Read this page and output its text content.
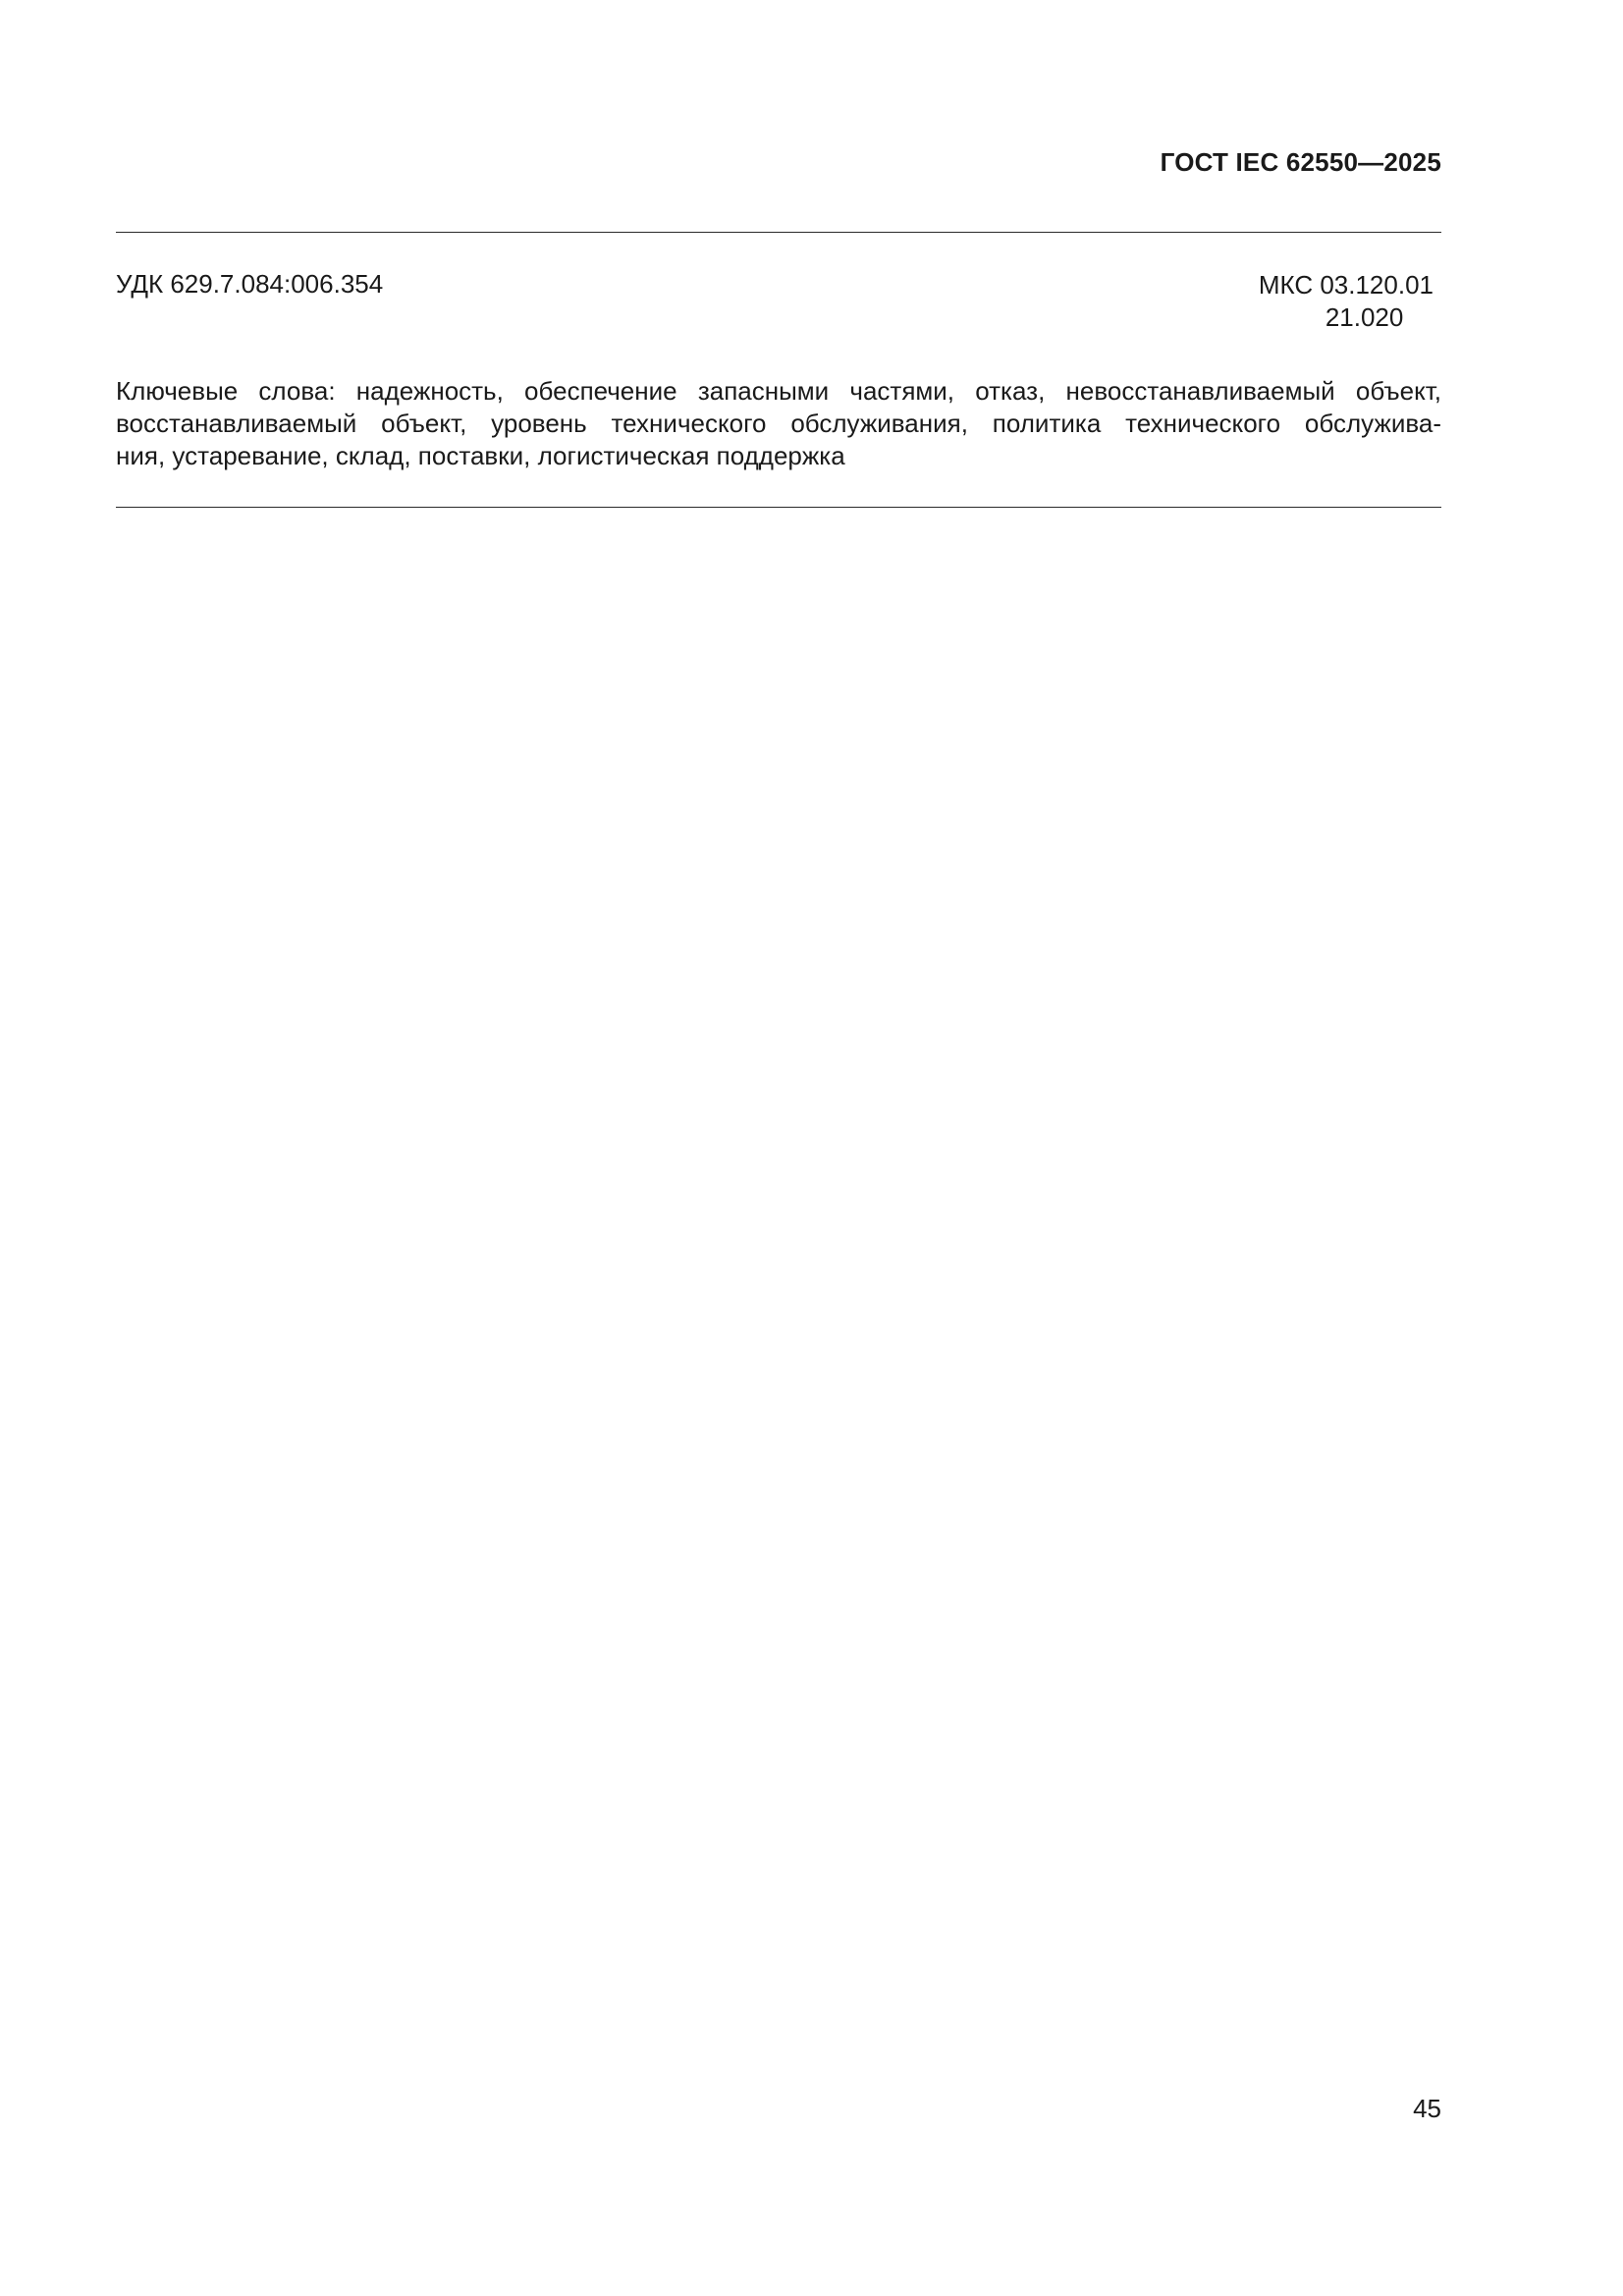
ГОСТ IEC 62550—2025
УДК 629.7.084:006.354	МКС 03.120.01
21.020
Ключевые слова: надежность, обеспечение запасными частями, отказ, невосстанавливаемый объект,
восстанавливаемый объект, уровень технического обслуживания, политика технического обслужива-
ния, устаревание, склад, поставки, логистическая поддержка
45
